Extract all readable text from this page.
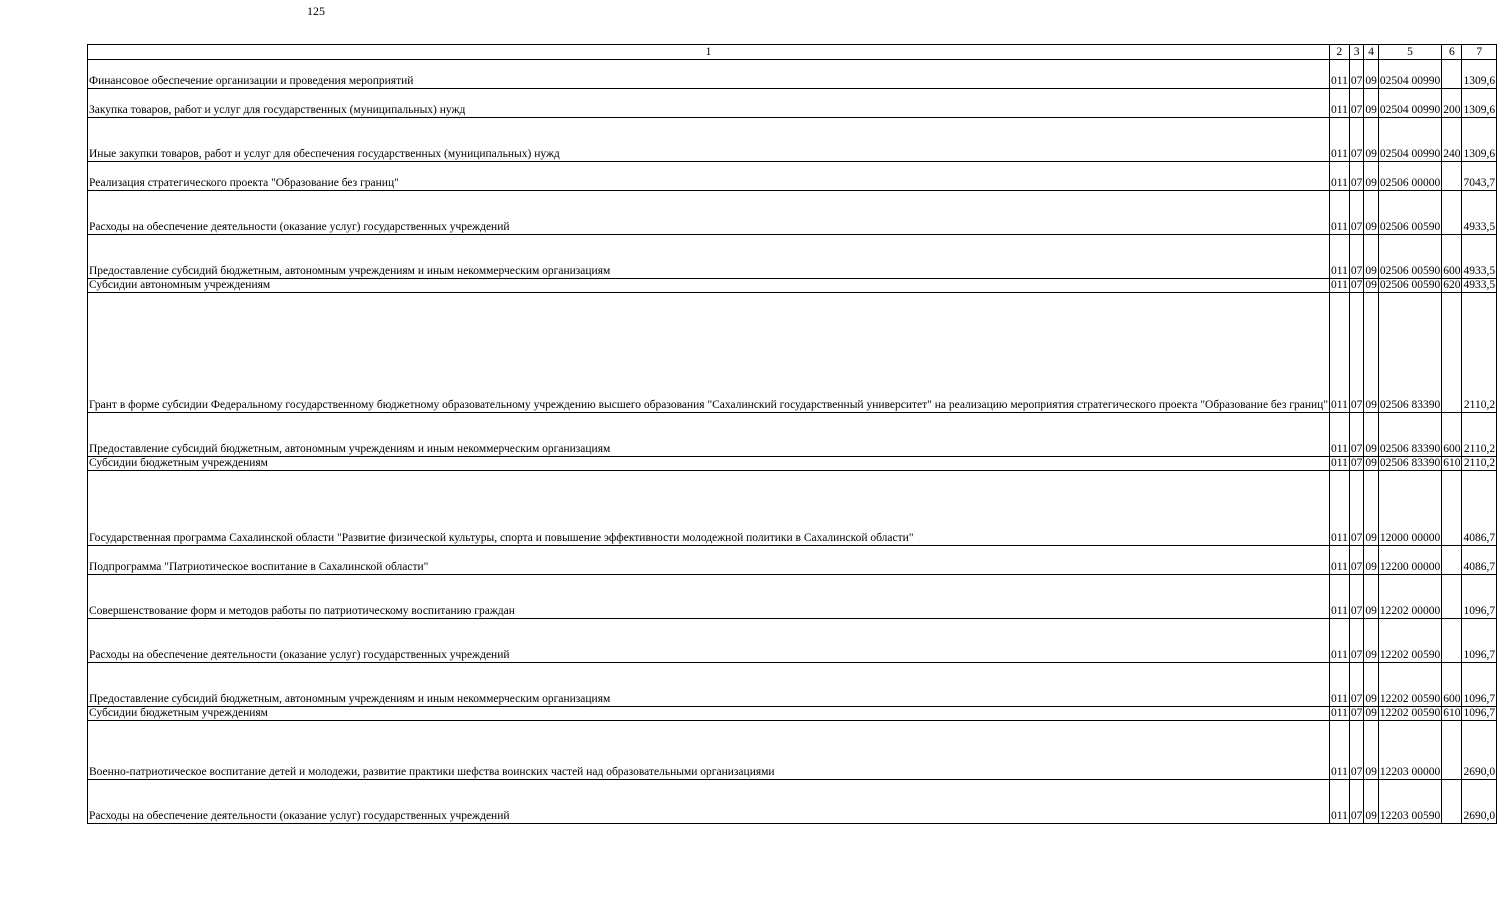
125
1	2	3	4	5	6	7
Финансовое обеспечение организации и проведения мероприятий	011	07	09	02504 00990		1309,6
Закупка товаров, работ и услуг для государственных (муниципальных) нужд	011	07	09	02504 00990	200	1309,6
Иные закупки товаров, работ и услуг для обеспечения государственных (муниципальных) нужд	011	07	09	02504 00990	240	1309,6
Реализация стратегического проекта "Образование без границ"	011	07	09	02506 00000		7043,7
Расходы на обеспечение деятельности (оказание услуг) государственных учреждений	011	07	09	02506 00590		4933,5
Предоставление субсидий бюджетным, автономным учреждениям и иным некоммерческим организациям	011	07	09	02506 00590	600	4933,5
Субсидии автономным учреждениям	011	07	09	02506 00590	620	4933,5
Грант в форме субсидии Федеральному государственному бюджетному образовательному учреждению высшего образования "Сахалинский государственный университет" на реализацию мероприятия стратегического проекта "Образование без границ"	011	07	09	02506 83390		2110,2
Предоставление субсидий бюджетным, автономным учреждениям и иным некоммерческим организациям	011	07	09	02506 83390	600	2110,2
Субсидии бюджетным учреждениям	011	07	09	02506 83390	610	2110,2
Государственная программа Сахалинской области "Развитие физической культуры, спорта и повышение эффективности молодежной политики в Сахалинской области"	011	07	09	12000 00000		4086,7
Подпрограмма "Патриотическое воспитание в Сахалинской области"	011	07	09	12200 00000		4086,7
Совершенствование форм и методов работы по патриотическому воспитанию граждан	011	07	09	12202 00000		1096,7
Расходы на обеспечение деятельности (оказание услуг) государственных учреждений	011	07	09	12202 00590		1096,7
Предоставление субсидий бюджетным, автономным учреждениям и иным некоммерческим организациям	011	07	09	12202 00590	600	1096,7
Субсидии бюджетным учреждениям	011	07	09	12202 00590	610	1096,7
Военно-патриотическое воспитание детей и молодежи, развитие практики шефства воинских частей над образовательными организациями	011	07	09	12203 00000		2690,0
Расходы на обеспечение деятельности (оказание услуг) государственных учреждений	011	07	09	12203 00590		2690,0
